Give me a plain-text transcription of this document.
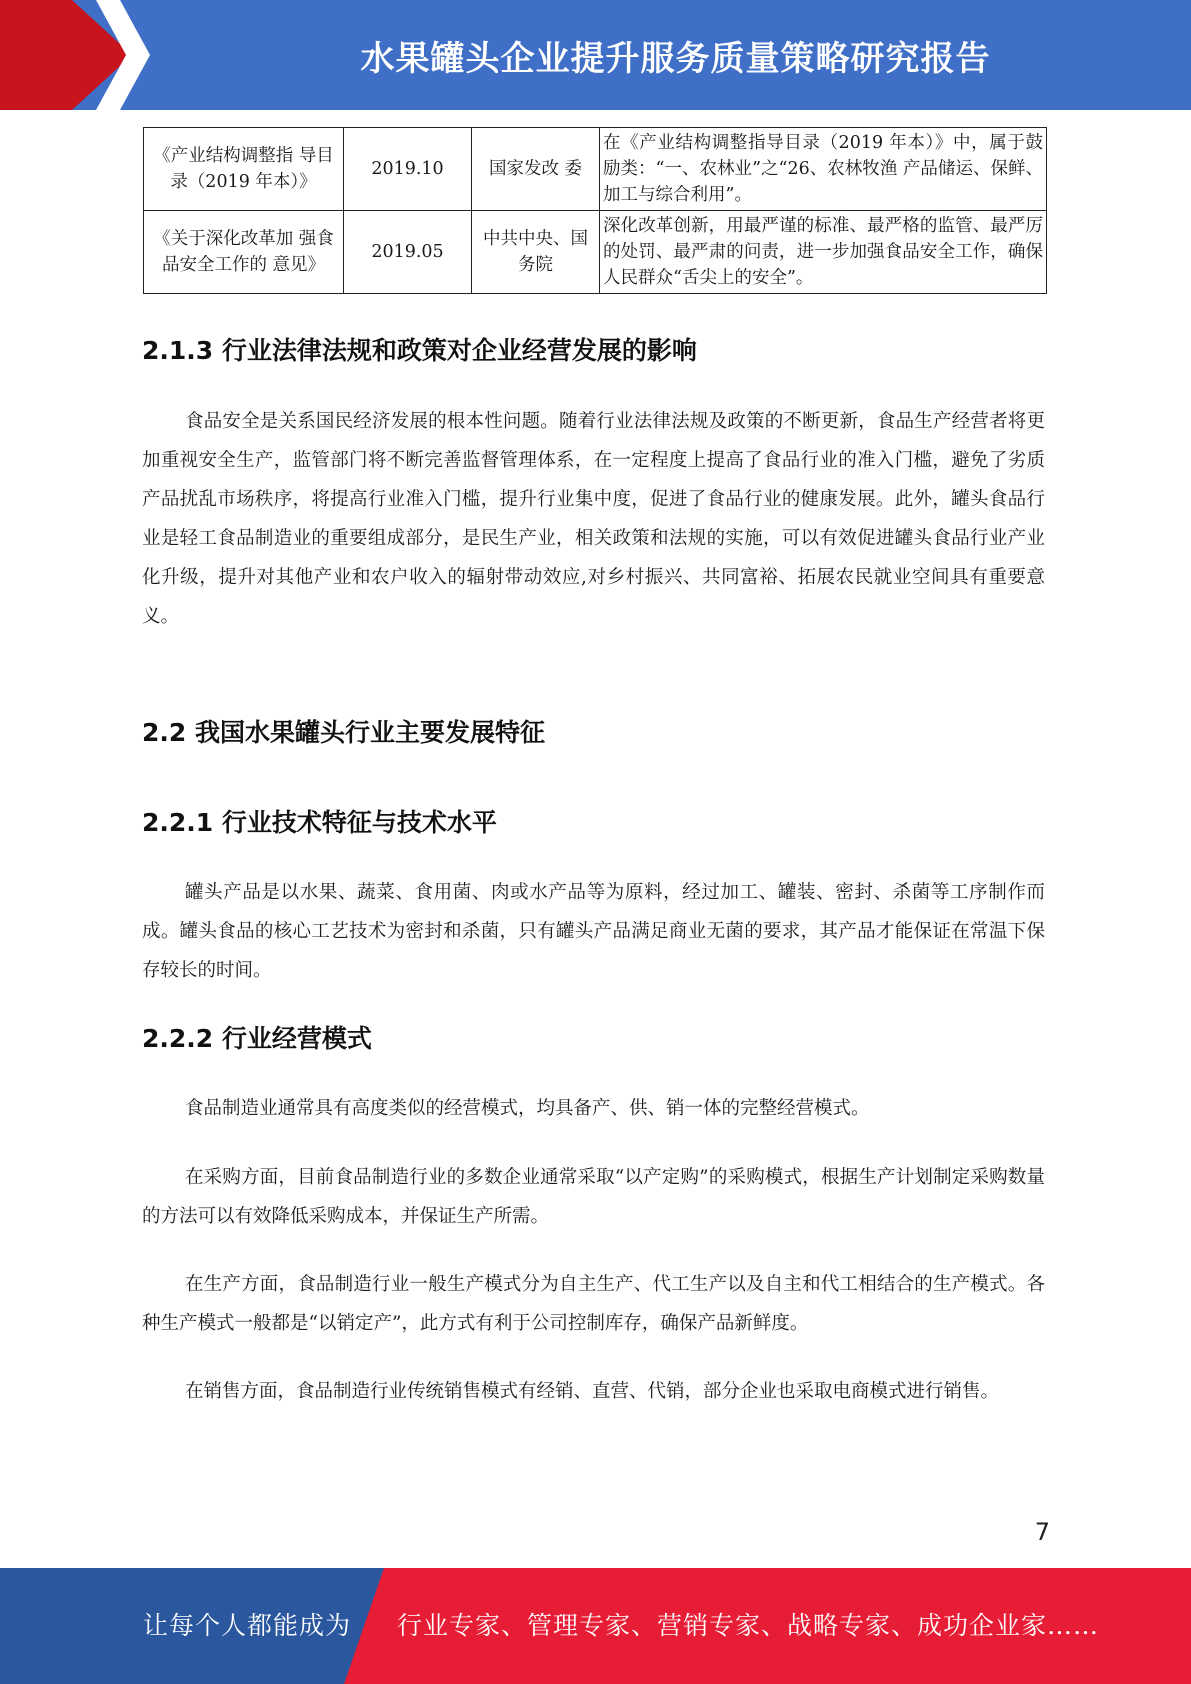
水果罐头企业提升服务质量策略研究报告
《产业结构调整指 导目录（2019 年本）》	2019.10	国家发改 委	在《产业结构调整指导目录（2019 年本）》中，属于鼓励类：“一、农林业”之“26、农林牧渔 产品储运、保鲜、加工与综合利用”。
《关于深化改革加 强食品安全工作的 意见》	2019.05	中共中央、国务院	深化改革创新，用最严谨的标准、最严格的监管、最严厉的处罚、最严肃的问责，进一步加强食品安全工作，确保人民群众“舌尖上的安全”。
2.1.3 行业法律法规和政策对企业经营发展的影响

食品安全是关系国民经济发展的根本性问题。随着行业法律法规及政策的不断更新，食品生产经营者将更加重视安全生产，监管部门将不断完善监督管理体系，在一定程度上提高了食品行业的准入门槛，避免了劣质产品扰乱市场秩序，将提高行业准入门槛，提升行业集中度，促进了食品行业的健康发展。此外，罐头食品行业是轻工食品制造业的重要组成部分，是民生产业，相关政策和法规的实施，可以有效促进罐头食品行业产业化升级，提升对其他产业和农户收入的辐射带动效应,对乡村振兴、共同富裕、拓展农民就业空间具有重要意义。

2.2 我国水果罐头行业主要发展特征
2.2.1 行业技术特征与技术水平

罐头产品是以水果、蔬菜、食用菌、肉或水产品等为原料，经过加工、罐装、密封、杀菌等工序制作而成。罐头食品的核心工艺技术为密封和杀菌，只有罐头产品满足商业无菌的要求，其产品才能保证在常温下保存较长的时间。

2.2.2 行业经营模式

食品制造业通常具有高度类似的经营模式，均具备产、供、销一体的完整经营模式。

在采购方面，目前食品制造行业的多数企业通常采取“以产定购”的采购模式，根据生产计划制定采购数量的方法可以有效降低采购成本，并保证生产所需。

在生产方面，食品制造行业一般生产模式分为自主生产、代工生产以及自主和代工相结合的生产模式。各种生产模式一般都是“以销定产”，此方式有利于公司控制库存，确保产品新鲜度。

在销售方面，食品制造行业传统销售模式有经销、直营、代销，部分企业也采取电商模式进行销售。

7
让每个人都能成为 行业专家、管理专家、营销专家、战略专家、成功企业家……
